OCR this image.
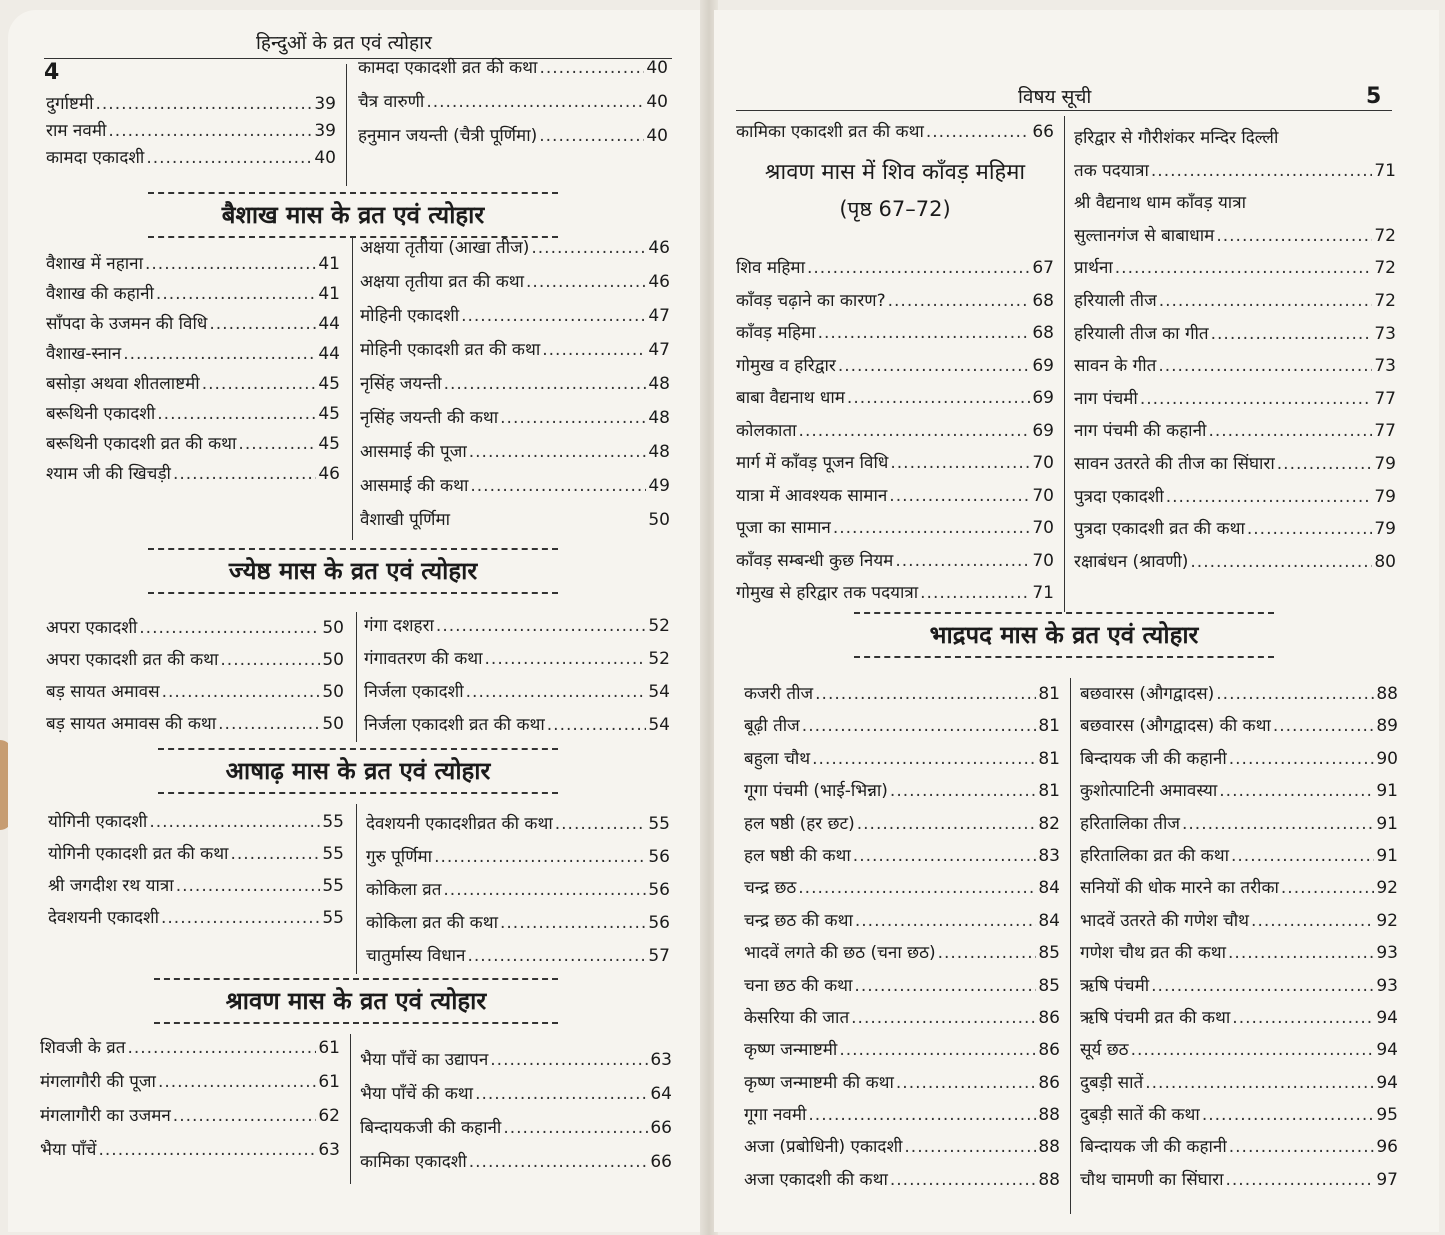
4
हिन्दुओं के व्रत एवं त्योहार
दुर्गाष्टमी .....	39
राम नवमी .....	39
कामदा एकादशी .....	40
कामदा एकादशी व्रत की कथा .....	40
चैत्र वारुणी .....	40
हनुमान जयन्ती (चैत्री पूर्णिमा) .....	40
बैशाख मास के व्रत एवं त्योहार
वैशाख में नहाना .....	41
वैशाख की कहानी .....	41
साँपदा के उजमन की विधि .....	44
वैशाख-स्नान .....	44
बसोड़ा अथवा शीतलाष्टमी .....	45
बरूथिनी एकादशी .....	45
बरूथिनी एकादशी व्रत की कथा .....	45
श्याम जी की खिचड़ी .....	46
अक्षया तृतीया (आखा तीज) .....	46
अक्षया तृतीया व्रत की कथा .....	46
मोहिनी एकादशी .....	47
मोहिनी एकादशी व्रत की कथा .....	47
नृसिंह जयन्ती .....	48
नृसिंह जयन्ती की कथा .....	48
आसमाई की पूजा .....	48
आसमाई की कथा .....	49
वैशाखी पूर्णिमा	50
ज्येष्ठ मास के व्रत एवं त्योहार
अपरा एकादशी .....	50
अपरा एकादशी व्रत की कथा .....	50
बड़ सायत अमावस .....	50
बड़ सायत अमावस की कथा .....	50
गंगा दशहरा .....	52
गंगावतरण की कथा .....	52
निर्जला एकादशी .....	54
निर्जला एकादशी व्रत की कथा .....	54
आषाढ़ मास के व्रत एवं त्योहार
योगिनी एकादशी .....	55
योगिनी एकादशी व्रत की कथा .....	55
श्री जगदीश रथ यात्रा .....	55
देवशयनी एकादशी .....	55
देवशयनी एकादशीव्रत की कथा .....	55
गुरु पूर्णिमा .....	56
कोकिला व्रत .....	56
कोकिला व्रत की कथा .....	56
चातुर्मास्य विधान .....	57
श्रावण मास के व्रत एवं त्योहार
शिवजी के व्रत .....	61
मंगलागौरी की पूजा .....	61
मंगलागौरी का उजमन .....	62
भैया पाँचें .....	63
भैया पाँचें का उद्यापन .....	63
भैया पाँचें की कथा .....	64
बिन्दायकजी की कहानी .....	66
कामिका एकादशी .....	66
विषय सूची	5
कामिका एकादशी व्रत की कथा .....	66
श्रावण मास में शिव काँवड़ महिमा
(पृष्ठ 67–72)
शिव महिमा .....	67
काँवड़ चढ़ाने का कारण? .....	68
काँवड़ महिमा .....	68
गोमुख व हरिद्वार .....	69
बाबा वैद्यनाथ धाम .....	69
कोलकाता .....	69
मार्ग में काँवड़ पूजन विधि .....	70
यात्रा में आवश्यक सामान .....	70
पूजा का सामान .....	70
काँवड़ सम्बन्धी कुछ नियम .....	70
गोमुख से हरिद्वार तक पदयात्रा .....	71
हरिद्वार से गौरीशंकर मन्दिर दिल्ली
तक पदयात्रा .....	71
श्री वैद्यनाथ धाम काँवड़ यात्रा
सुल्तानगंज से बाबाधाम .....	72
प्रार्थना .....	72
हरियाली तीज .....	72
हरियाली तीज का गीत .....	73
सावन के गीत .....	73
नाग पंचमी .....	77
नाग पंचमी की कहानी .....	77
सावन उतरते की तीज का सिंघारा .....	79
पुत्रदा एकादशी .....	79
पुत्रदा एकादशी व्रत की कथा .....	79
रक्षाबंधन (श्रावणी) .....	80
भाद्रपद मास के व्रत एवं त्योहार
कजरी तीज .....	81
बूढ़ी तीज .....	81
बहुला चौथ .....	81
गूगा पंचमी (भाई-भिन्ना) .....	81
हल षष्ठी (हर छट) .....	82
हल षष्ठी की कथा .....	83
चन्द्र छठ .....	84
चन्द्र छठ की कथा .....	84
भादवें लगते की छठ (चना छठ) .....	85
चना छठ की कथा .....	85
केसरिया की जात .....	86
कृष्ण जन्माष्टमी .....	86
कृष्ण जन्माष्टमी की कथा .....	86
गूगा नवमी .....	88
अजा (प्रबोधिनी) एकादशी .....	88
अजा एकादशी की कथा .....	88
बछवारस (औगद्वादस) .....	88
बछवारस (औगद्वादस) की कथा .....	89
बिन्दायक जी की कहानी .....	90
कुशोत्पाटिनी अमावस्या .....	91
हरितालिका तीज .....	91
हरितालिका व्रत की कथा .....	91
सनियों की धोक मारने का तरीका .....	92
भादवें उतरते की गणेश चौथ .....	92
गणेश चौथ व्रत की कथा .....	93
ऋषि पंचमी .....	93
ऋषि पंचमी व्रत की कथा .....	94
सूर्य छठ .....	94
दुबड़ी सातें .....	94
दुबड़ी सातें की कथा .....	95
बिन्दायक जी की कहानी .....	96
चौथ चामणी का सिंघारा .....	97
